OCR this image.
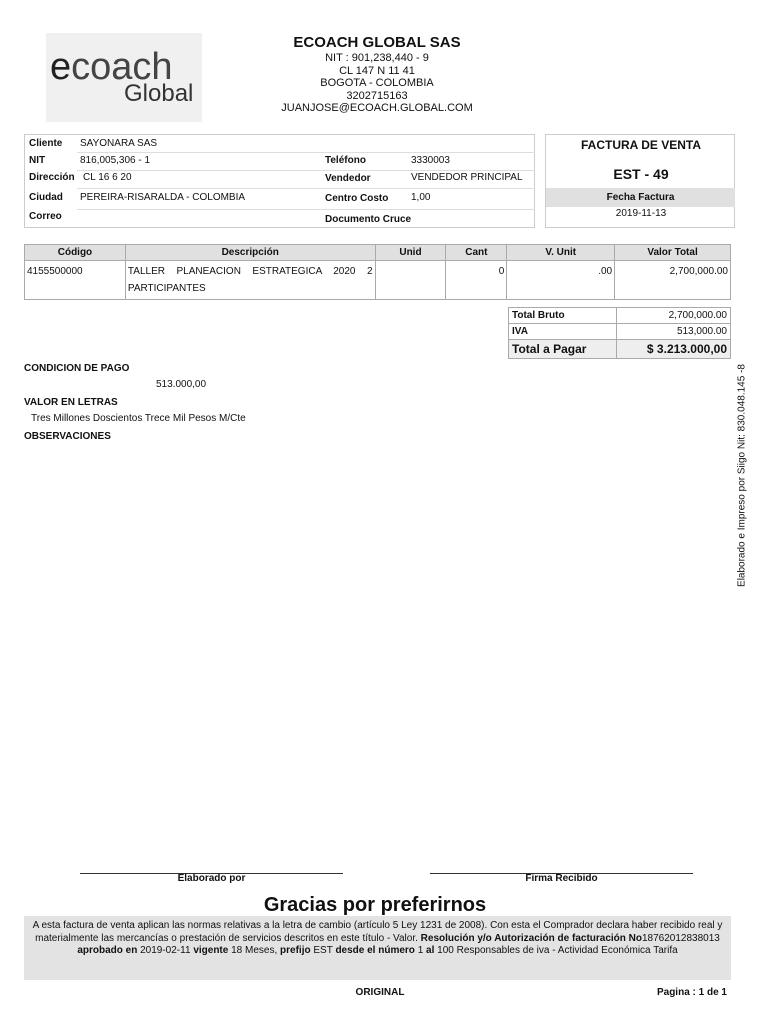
ecoach
Global
ECOACH GLOBAL SAS
NIT : 901,238,440 - 9
CL 147 N 11 41
BOGOTA - COLOMBIA
3202715163
JUANJOSE@ECOACH.GLOBAL.COM
Cliente SAYONARA SAS
NIT	816,005,306 - 1	Teléfono	3330003
Dirección CL 16 6 20	Vendedor	VENDEDOR PRINCIPAL
Ciudad PEREIRA-RISARALDA - COLOMBIA	Centro Costo 1,00
Correo	Documento Cruce
FACTURA DE VENTA
EST - 49
Fecha Factura
2019-11-13
Código	Descripción	Unid	Cant	V. Unit	Valor Total
4155500000	TALLER PLANEACION ESTRATEGICA 2020 2 PARTICIPANTES		0	.00	2,700,000.00
Total Bruto	2,700,000.00
IVA	513,000.00
Total a Pagar	$ 3.213.000,00
CONDICION DE PAGO
513.000,00
VALOR EN LETRAS
Tres Millones Doscientos Trece Mil Pesos M/Cte
OBSERVACIONES	Elaborado e Impreso por Siigo Nit: 830.048.145 -8
Elaborado por	Firma Recibido
Gracias por preferirnos
A esta factura de venta aplican las normas relativas a la letra de cambio (artículo 5 Ley 1231 de 2008). Con esta el Comprador declara haber recibido real y materialmente las mercancías o prestación de servicios descritos en este título - Valor. Resolución y/o Autorización de facturación No18762012838013 aprobado en 2019-02-11 vigente 18 Meses, prefijo EST desde el número 1 al 100 Responsables de iva - Actividad Económica Tarifa
ORIGINAL	Pagina : 1 de 1
